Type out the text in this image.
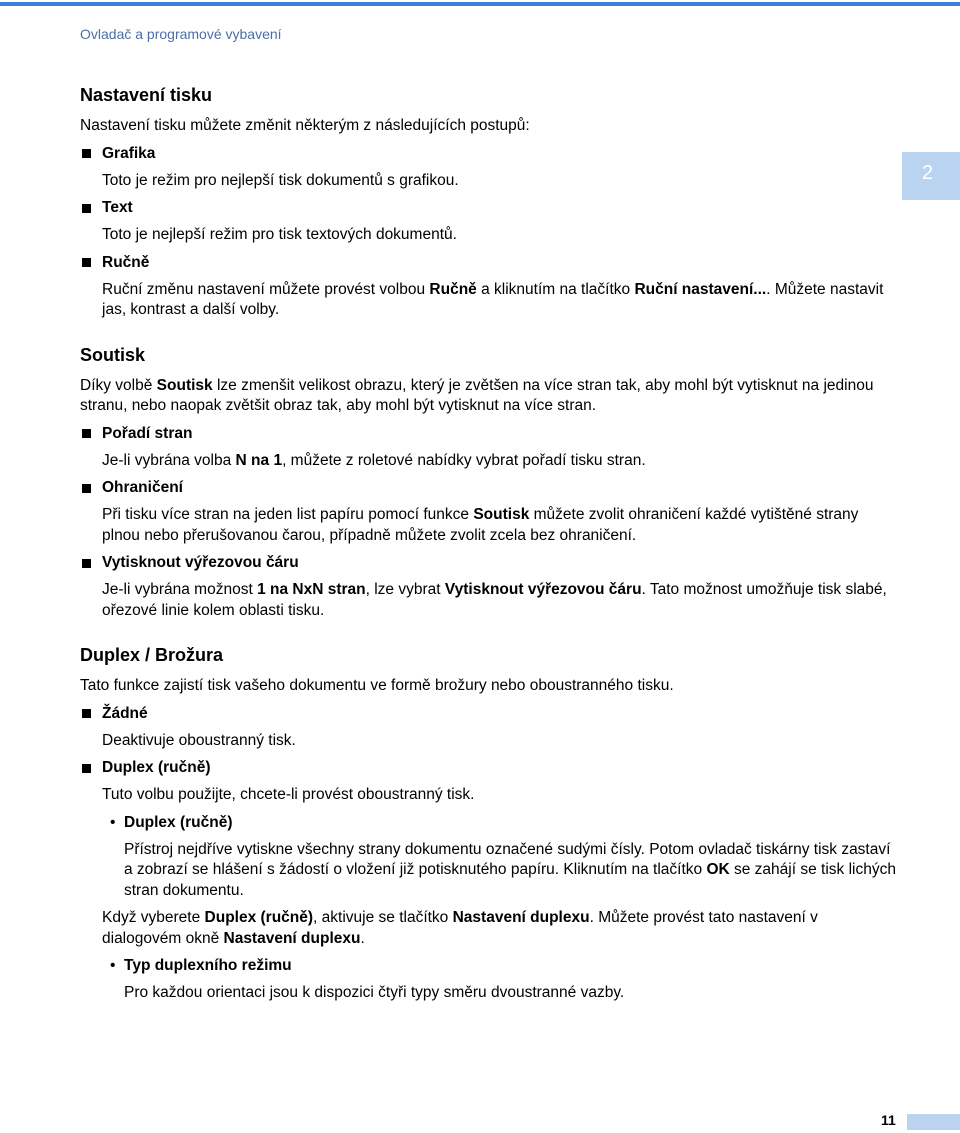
Ovladač a programové vybavení
2
Nastavení tisku

Nastavení tisku můžete změnit některým z následujících postupů:

Grafika

Toto je režim pro nejlepší tisk dokumentů s grafikou.

Text

Toto je nejlepší režim pro tisk textových dokumentů.

Ručně

Ruční změnu nastavení můžete provést volbou Ručně a kliknutím na tlačítko Ruční nastavení.... Můžete nastavit jas, kontrast a další volby.

Soutisk

Díky volbě Soutisk lze zmenšit velikost obrazu, který je zvětšen na více stran tak, aby mohl být vytisknut na jedinou stranu, nebo naopak zvětšit obraz tak, aby mohl být vytisknut na více stran.

Pořadí stran

Je-li vybrána volba N na 1, můžete z roletové nabídky vybrat pořadí tisku stran.

Ohraničení

Při tisku více stran na jeden list papíru pomocí funkce Soutisk můžete zvolit ohraničení každé vytištěné strany plnou nebo přerušovanou čarou, případně můžete zvolit zcela bez ohraničení.

Vytisknout výřezovou čáru

Je-li vybrána možnost 1 na NxN stran, lze vybrat Vytisknout výřezovou čáru. Tato možnost umožňuje tisk slabé, ořezové linie kolem oblasti tisku.

Duplex / Brožura

Tato funkce zajistí tisk vašeho dokumentu ve formě brožury nebo oboustranného tisku.

Žádné

Deaktivuje oboustranný tisk.

Duplex (ručně)

Tuto volbu použijte, chcete-li provést oboustranný tisk.

• Duplex (ručně)

Přístroj nejdříve vytiskne všechny strany dokumentu označené sudými čísly. Potom ovladač tiskárny tisk zastaví a zobrazí se hlášení s žádostí o vložení již potisknutého papíru. Kliknutím na tlačítko OK se zahájí se tisk lichých stran dokumentu.

Když vyberete Duplex (ručně), aktivuje se tlačítko Nastavení duplexu. Můžete provést tato nastavení v dialogovém okně Nastavení duplexu.

• Typ duplexního režimu

Pro každou orientaci jsou k dispozici čtyři typy směru dvoustranné vazby.

11
